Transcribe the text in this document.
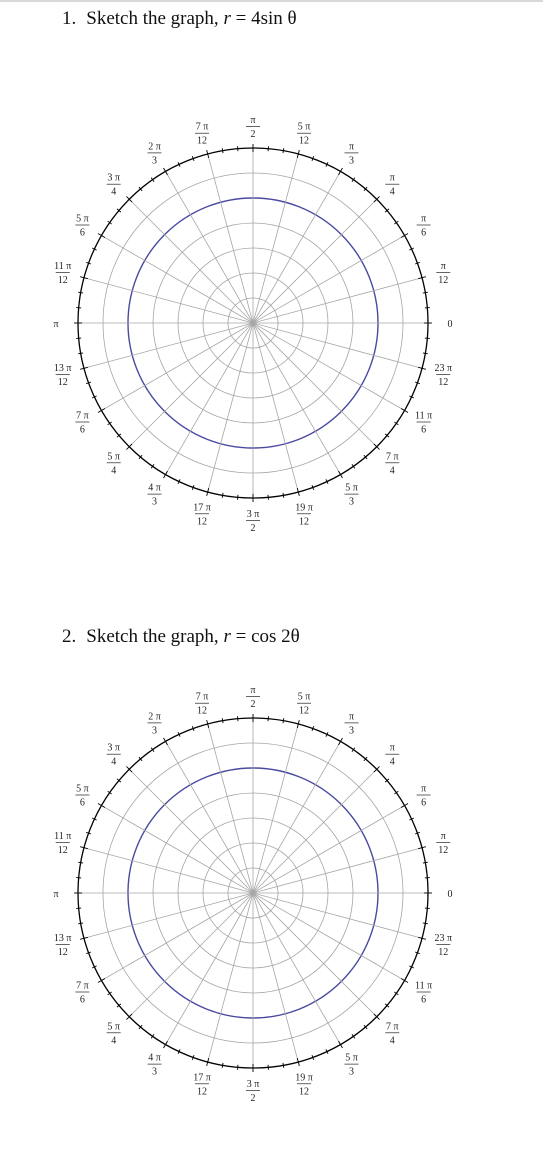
1. Sketch the graph, r = 4sin θ
0
π
12
π
6
π
4
π
3
5 π
12
π
2
7 π
12
2 π
3
3 π
4
5 π
6
11 π
12
π
13 π
12
7 π
6
5 π
4
4 π
3
17 π
12
3 π
2
19 π
12
5 π
3
7 π
4
11 π
6
23 π
12
2. Sketch the graph, r = cos 2θ
0
π
12
π
6
π
4
π
3
5 π
12
π
2
7 π
12
2 π
3
3 π
4
5 π
6
11 π
12
π
13 π
12
7 π
6
5 π
4
4 π
3
17 π
12
3 π
2
19 π
12
5 π
3
7 π
4
11 π
6
23 π
12
